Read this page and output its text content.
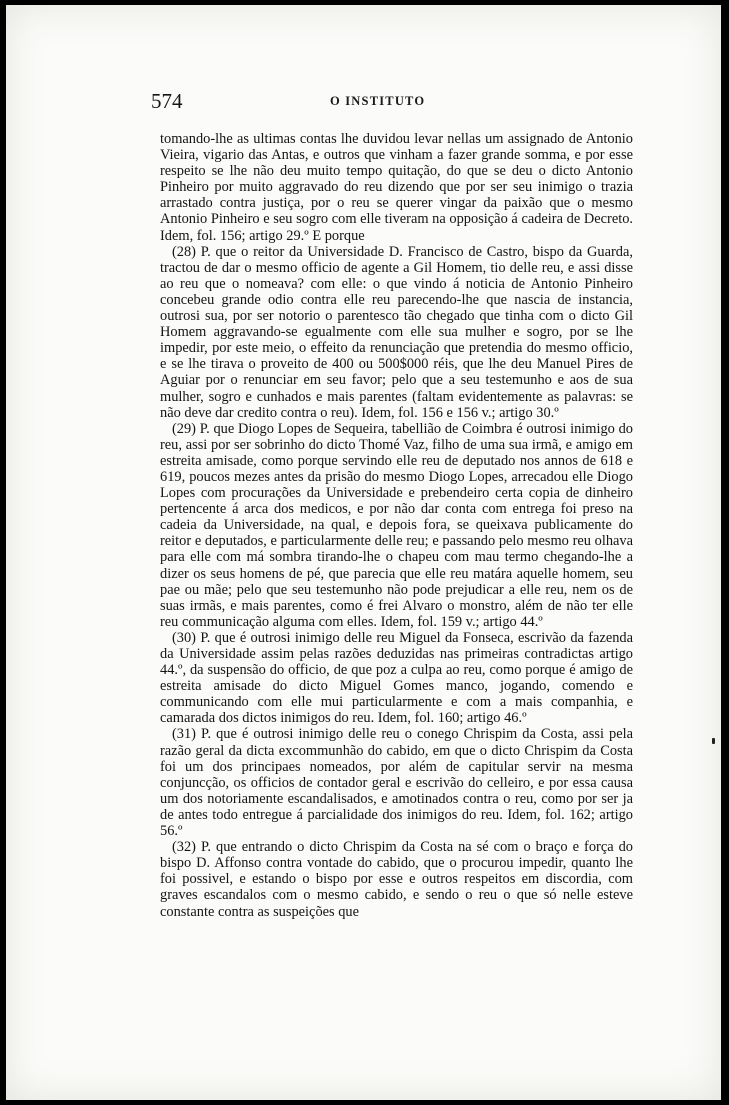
574	O INSTITUTO

tomando-lhe as ultimas contas lhe duvidou levar nellas um assignado de Antonio Vieira, vigario das Antas, e outros que vinham a fazer grande somma, e por esse respeito se lhe não deu muito tempo quitação, do que se deu o dicto Antonio Pinheiro por muito aggravado do reu dizendo que por ser seu inimigo o trazia arrastado contra justiça, por o reu se querer vingar da paixão que o mesmo Antonio Pinheiro e seu sogro com elle tiveram na opposição á cadeira de Decreto. Idem, fol. 156; artigo 29.º E porque

(28) P. que o reitor da Universidade D. Francisco de Castro, bispo da Guarda, tractou de dar o mesmo officio de agente a Gil Homem, tio delle reu, e assi disse ao reu que o nomeava? com elle: o que vindo á noticia de Antonio Pinheiro concebeu grande odio contra elle reu parecendo-lhe que nascia de instancia, outrosi sua, por ser notorio o parentesco tão chegado que tinha com o dicto Gil Homem aggravando-se egualmente com elle sua mulher e sogro, por se lhe impedir, por este meio, o effeito da renunciação que pretendia do mesmo officio, e se lhe tirava o proveito de 400 ou 500$000 réis, que lhe deu Manuel Pires de Aguiar por o renunciar em seu favor; pelo que a seu testemunho e aos de sua mulher, sogro e cunhados e mais parentes (faltam evidentemente as palavras: se não deve dar credito contra o reu). Idem, fol. 156 e 156 v.; artigo 30.º

(29) P. que Diogo Lopes de Sequeira, tabellião de Coimbra é outrosi inimigo do reu, assi por ser sobrinho do dicto Thomé Vaz, filho de uma sua irmã, e amigo em estreita amisade, como porque servindo elle reu de deputado nos annos de 618 e 619, poucos mezes antes da prisão do mesmo Diogo Lopes, arrecadou elle Diogo Lopes com procurações da Universidade e prebendeiro certa copia de dinheiro pertencente á arca dos medicos, e por não dar conta com entrega foi preso na cadeia da Universidade, na qual, e depois fora, se queixava publicamente do reitor e deputados, e particularmente delle reu; e passando pelo mesmo reu olhava para elle com má sombra tirando-lhe o chapeu com mau termo chegando-lhe a dizer os seus homens de pé, que parecia que elle reu matára aquelle homem, seu pae ou mãe; pelo que seu testemunho não pode prejudicar a elle reu, nem os de suas irmãs, e mais parentes, como é frei Alvaro o monstro, além de não ter elle reu communicação alguma com elles. Idem, fol. 159 v.; artigo 44.º

(30) P. que é outrosi inimigo delle reu Miguel da Fonseca, escrivão da fazenda da Universidade assim pelas razões deduzidas nas primeiras contradictas artigo 44.º, da suspensão do officio, de que poz a culpa ao reu, como porque é amigo de estreita amisade do dicto Miguel Gomes manco, jogando, comendo e communicando com elle mui particularmente e com a mais companhia, e camarada dos dictos inimigos do reu. Idem, fol. 160; artigo 46.º

(31) P. que é outrosi inimigo delle reu o conego Chrispim da Costa, assi pela razão geral da dicta excommunhão do cabido, em que o dicto Chrispim da Costa foi um dos principaes nomeados, por além de capitular servir na mesma conjuncção, os officios de contador geral e escrivão do celleiro, e por essa causa um dos notoriamente escandalisados, e amotinados contra o reu, como por ser ja de antes todo entregue á parcialidade dos inimigos do reu. Idem, fol. 162; artigo 56.º

(32) P. que entrando o dicto Chrispim da Costa na sé com o braço e força do bispo D. Affonso contra vontade do cabido, que o procurou impedir, quanto lhe foi possivel, e estando o bispo por esse e outros respeitos em discordia, com graves escandalos com o mesmo cabido, e sendo o reu o que só nelle esteve constante contra as suspeições que
